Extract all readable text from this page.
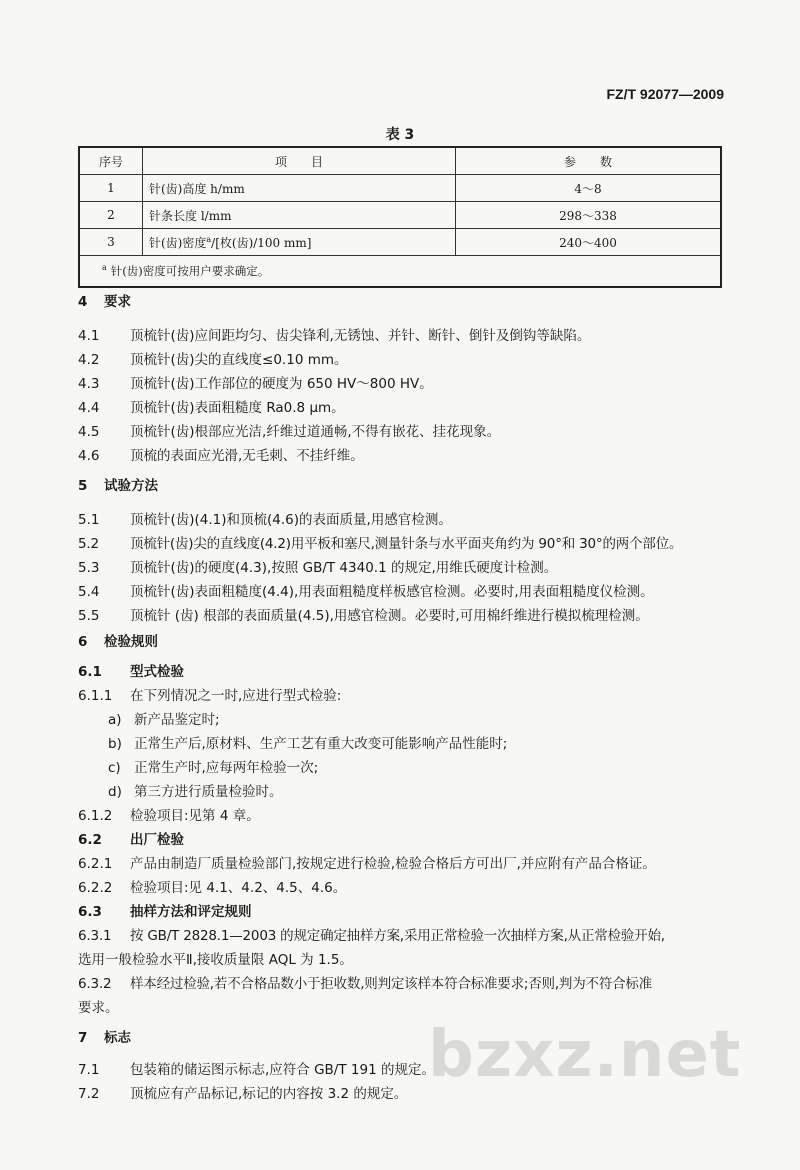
FZ/T 92077—2009
表 3
序号	项　　目	参　　数
1	针(齿)高度 h/mm	4～8
2	针条长度 l/mm	298～338
3	针(齿)密度$^a$/[枚(齿)/100 mm]	240～400
$^a$ 针(齿)密度可按用户要求确定。		
4 要求
4.1 顶梳针(齿)应间距均匀、齿尖锋利,无锈蚀、并针、断针、倒针及倒钩等缺陷。
4.2 顶梳针(齿)尖的直线度≤0.10 mm。
4.3 顶梳针(齿)工作部位的硬度为 650 HV～800 HV。
4.4 顶梳针(齿)表面粗糙度 Ra0.8 μm。
4.5 顶梳针(齿)根部应光洁,纤维过道通畅,不得有嵌花、挂花现象。
4.6 顶梳的表面应光滑,无毛刺、不挂纤维。
5 试验方法
5.1 顶梳针(齿)(4.1)和顶梳(4.6)的表面质量,用感官检测。
5.2 顶梳针(齿)尖的直线度(4.2)用平板和塞尺,测量针条与水平面夹角约为 90°和 30°的两个部位。
5.3 顶梳针(齿)的硬度(4.3),按照 GB/T 4340.1 的规定,用维氏硬度计检测。
5.4 顶梳针(齿)表面粗糙度(4.4),用表面粗糙度样板感官检测。必要时,用表面粗糙度仪检测。
5.5 顶梳针 (齿) 根部的表面质量(4.5),用感官检测。必要时,可用棉纤维进行模拟梳理检测。
6 检验规则
6.1 型式检验
6.1.1 在下列情况之一时,应进行型式检验:
a) 新产品鉴定时;
b) 正常生产后,原材料、生产工艺有重大改变可能影响产品性能时;
c) 正常生产时,应每两年检验一次;
d) 第三方进行质量检验时。
6.1.2 检验项目:见第 4 章。
6.2 出厂检验
6.2.1 产品由制造厂质量检验部门,按规定进行检验,检验合格后方可出厂,并应附有产品合格证。
6.2.2 检验项目:见 4.1、4.2、4.5、4.6。
6.3 抽样方法和评定规则
6.3.1 按 GB/T 2828.1—2003 的规定确定抽样方案,采用正常检验一次抽样方案,从正常检验开始,
选用一般检验水平Ⅱ,接收质量限 AQL 为 1.5。
6.3.2 样本经过检验,若不合格品数小于拒收数,则判定该样本符合标准要求;否则,判为不符合标准
要求。
7 标志
7.1 包装箱的储运图示标志,应符合 GB/T 191 的规定。
7.2 顶梳应有产品标记,标记的内容按 3.2 的规定。
bzxz.net
